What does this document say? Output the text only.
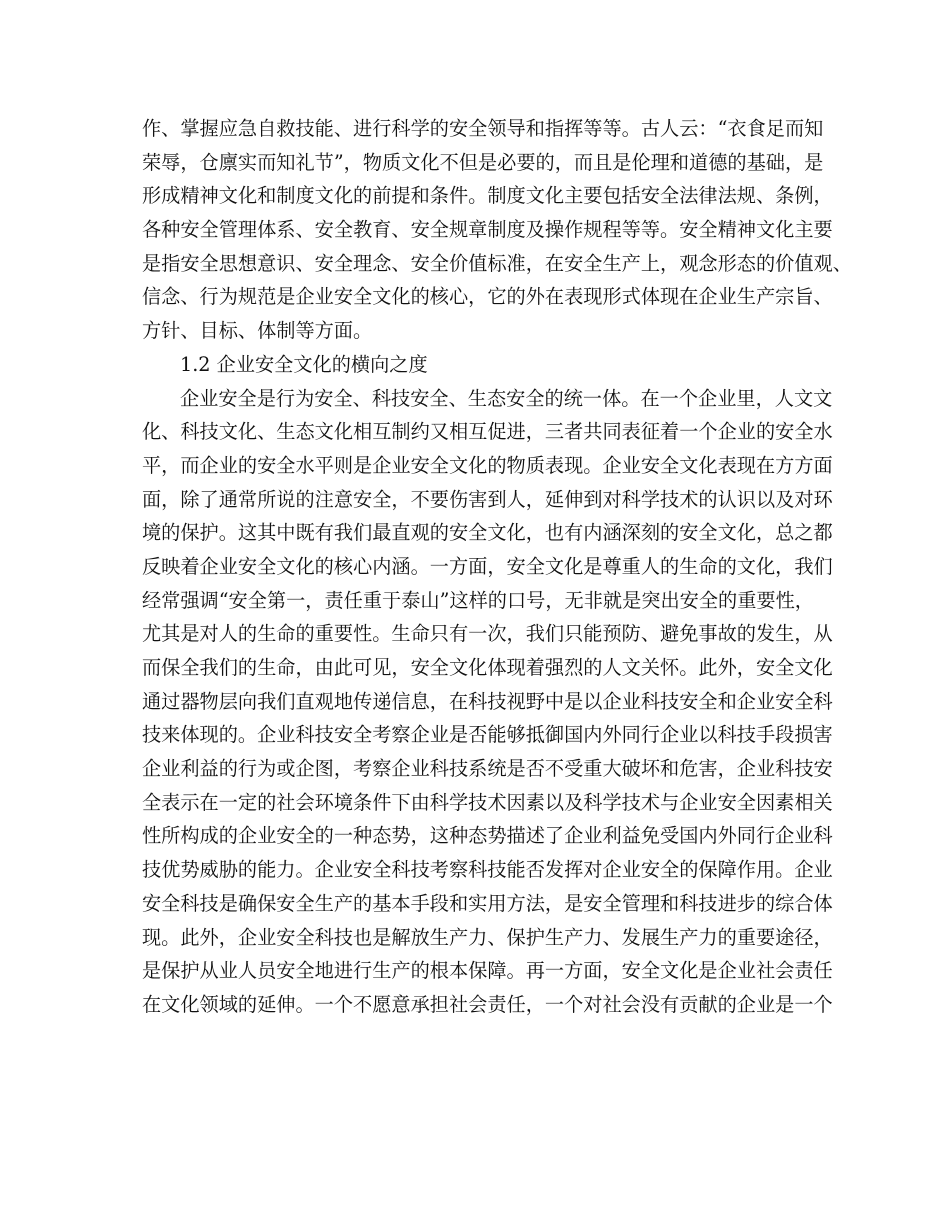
作、掌握应急自救技能、进行科学的安全领导和指挥等等。古人云：“衣食足而知
荣辱，仓廪实而知礼节”，物质文化不但是必要的，而且是伦理和道德的基础，是
形成精神文化和制度文化的前提和条件。制度文化主要包括安全法律法规、条例，
各种安全管理体系、安全教育、安全规章制度及操作规程等等。安全精神文化主要
是指安全思想意识、安全理念、安全价值标准，在安全生产上，观念形态的价值观、
信念、行为规范是企业安全文化的核心，它的外在表现形式体现在企业生产宗旨、
方针、目标、体制等方面。
1.2 企业安全文化的横向之度
企业安全是行为安全、科技安全、生态安全的统一体。在一个企业里，人文文
化、科技文化、生态文化相互制约又相互促进，三者共同表征着一个企业的安全水
平，而企业的安全水平则是企业安全文化的物质表现。企业安全文化表现在方方面
面，除了通常所说的注意安全，不要伤害到人，延伸到对科学技术的认识以及对环
境的保护。这其中既有我们最直观的安全文化，也有内涵深刻的安全文化，总之都
反映着企业安全文化的核心内涵。一方面，安全文化是尊重人的生命的文化，我们
经常强调“安全第一，责任重于泰山”这样的口号，无非就是突出安全的重要性，
尤其是对人的生命的重要性。生命只有一次，我们只能预防、避免事故的发生，从
而保全我们的生命，由此可见，安全文化体现着强烈的人文关怀。此外，安全文化
通过器物层向我们直观地传递信息，在科技视野中是以企业科技安全和企业安全科
技来体现的。企业科技安全考察企业是否能够抵御国内外同行企业以科技手段损害
企业利益的行为或企图，考察企业科技系统是否不受重大破坏和危害，企业科技安
全表示在一定的社会环境条件下由科学技术因素以及科学技术与企业安全因素相关
性所构成的企业安全的一种态势，这种态势描述了企业利益免受国内外同行企业科
技优势威胁的能力。企业安全科技考察科技能否发挥对企业安全的保障作用。企业
安全科技是确保安全生产的基本手段和实用方法，是安全管理和科技进步的综合体
现。此外，企业安全科技也是解放生产力、保护生产力、发展生产力的重要途径，
是保护从业人员安全地进行生产的根本保障。再一方面，安全文化是企业社会责任
在文化领域的延伸。一个不愿意承担社会责任，一个对社会没有贡献的企业是一个
